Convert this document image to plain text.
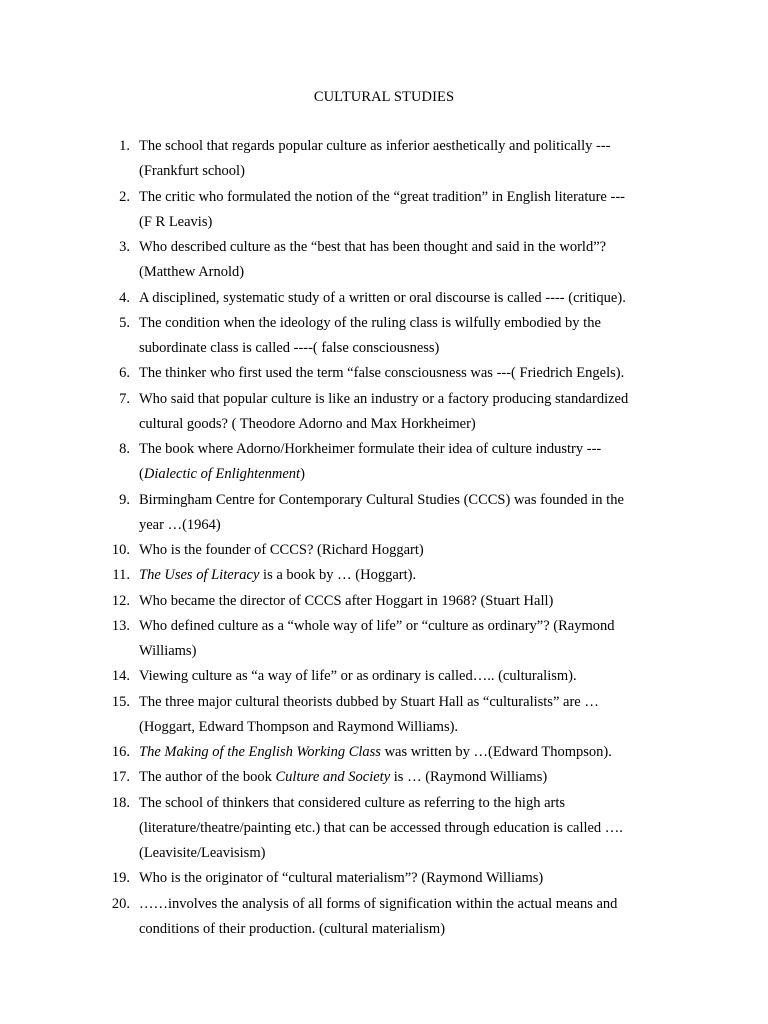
CULTURAL STUDIES
1. The school that regards popular culture as inferior aesthetically and politically ---
(Frankfurt school)
2. The critic who formulated the notion of the “great tradition” in English literature ---
(F R Leavis)
3. Who described culture as the “best that has been thought and said in the world”?
(Matthew Arnold)
4. A disciplined, systematic study of a written or oral discourse is called ---- (critique).
5. The condition when the ideology of the ruling class is wilfully embodied by the
subordinate class is called ----( false consciousness)
6. The thinker who first used the term “false consciousness was ---( Friedrich Engels).
7. Who said that popular culture is like an industry or a factory producing standardized
cultural goods? ( Theodore Adorno and Max Horkheimer)
8. The book where Adorno/Horkheimer formulate their idea of culture industry ---
(Dialectic of Enlightenment)
9. Birmingham Centre for Contemporary Cultural Studies (CCCS) was founded in the
year …(1964)
10. Who is the founder of CCCS? (Richard Hoggart)
11. The Uses of Literacy is a book by … (Hoggart).
12. Who became the director of CCCS after Hoggart in 1968? (Stuart Hall)
13. Who defined culture as a “whole way of life” or “culture as ordinary”? (Raymond
Williams)
14. Viewing culture as “a way of life” or as ordinary is called….. (culturalism).
15. The three major cultural theorists dubbed by Stuart Hall as “culturalists” are …
(Hoggart, Edward Thompson and Raymond Williams).
16. The Making of the English Working Class was written by …(Edward Thompson).
17. The author of the book Culture and Society is … (Raymond Williams)
18. The school of thinkers that considered culture as referring to the high arts
(literature/theatre/painting etc.) that can be accessed through education is called ….
(Leavisite/Leavisism)
19. Who is the originator of “cultural materialism”? (Raymond Williams)
20. ……involves the analysis of all forms of signification within the actual means and
conditions of their production. (cultural materialism)
